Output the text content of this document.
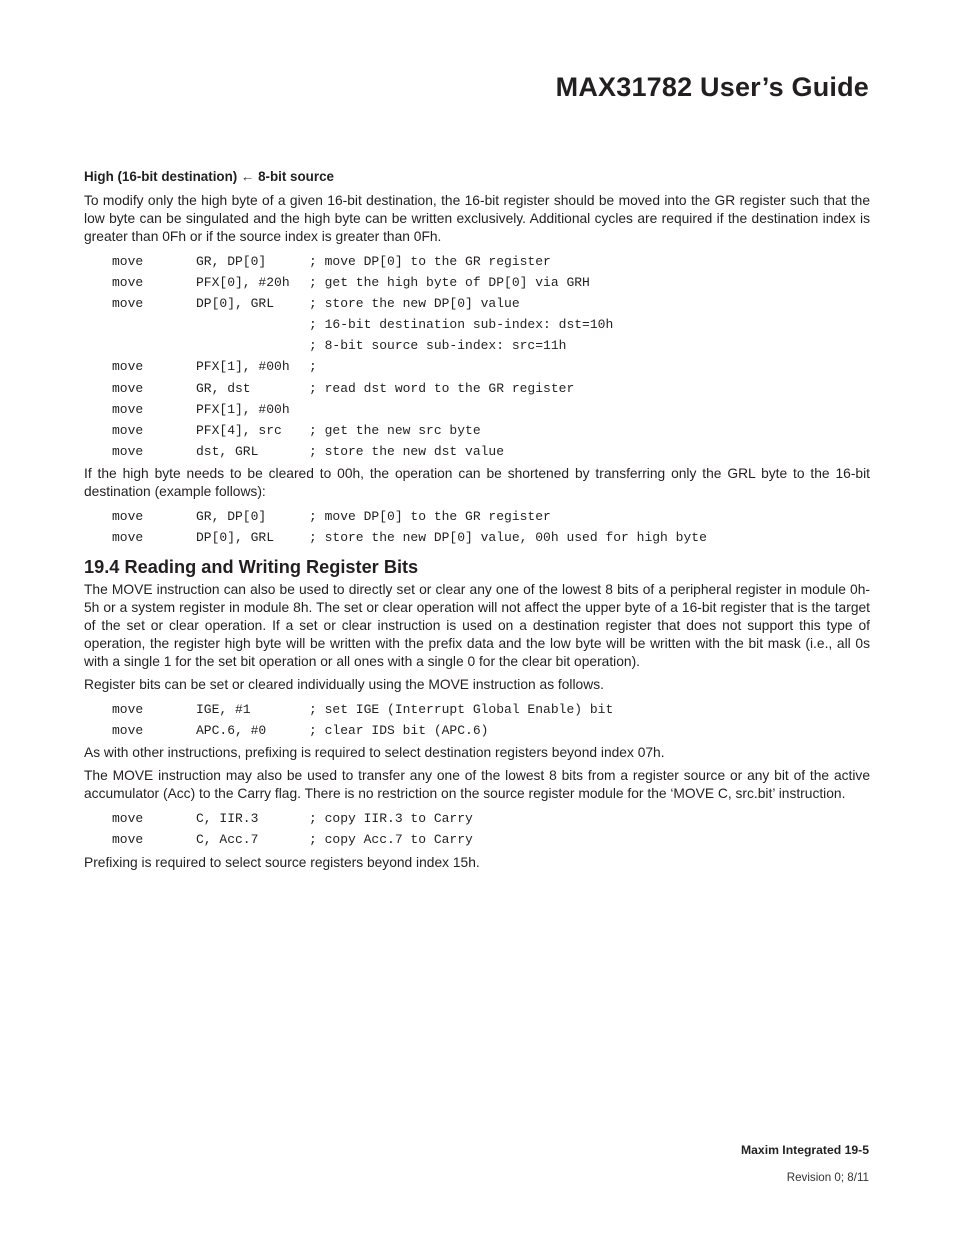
MAX31782 User’s Guide

High (16-bit destination) ← 8-bit source

To modify only the high byte of a given 16-bit destination, the 16-bit register should be moved into the GR register such that the low byte can be singulated and the high byte can be written exclusively. Additional cycles are required if the destination index is greater than 0Fh or if the source index is greater than 0Fh.

move	GR, DP[0]	; move DP[0] to the GR register
move	PFX[0], #20h ; get the high byte of DP[0] via GRH
move	DP[0], GRL	; store the new DP[0] value
; 16-bit destination sub-index: dst=10h
; 8-bit source sub-index: src=11h
move	PFX[1], #00h ;
move	GR, dst	; read dst word to the GR register
move	PFX[1], #00h
move	PFX[4], src ; get the new src byte
move	dst, GRL	; store the new dst value

If the high byte needs to be cleared to 00h, the operation can be shortened by transferring only the GRL byte to the 16-bit destination (example follows):

move	GR, DP[0]	; move DP[0] to the GR register
move	DP[0], GRL	; store the new DP[0] value, 00h used for high byte
19.4 Reading and Writing Register Bits

The MOVE instruction can also be used to directly set or clear any one of the lowest 8 bits of a peripheral register in module 0h-5h or a system register in module 8h. The set or clear operation will not affect the upper byte of a 16-bit register that is the target of the set or clear operation. If a set or clear instruction is used on a destination register that does not support this type of operation, the register high byte will be written with the prefix data and the low byte will be written with the bit mask (i.e., all 0s with a single 1 for the set bit operation or all ones with a single 0 for the clear bit operation).

Register bits can be set or cleared individually using the MOVE instruction as follows.

move	IGE, #1	; set IGE (Interrupt Global Enable) bit
move	APC.6, #0	; clear IDS bit (APC.6)

As with other instructions, prefixing is required to select destination registers beyond index 07h.

The MOVE instruction may also be used to transfer any one of the lowest 8 bits from a register source or any bit of the active accumulator (Acc) to the Carry flag. There is no restriction on the source register module for the ‘MOVE C, src.bit’ instruction.

move	C, IIR.3	; copy IIR.3 to Carry
move	C, Acc.7	; copy Acc.7 to Carry

Prefixing is required to select source registers beyond index 15h.

Maxim Integrated 19-5
Revision 0; 8/11
